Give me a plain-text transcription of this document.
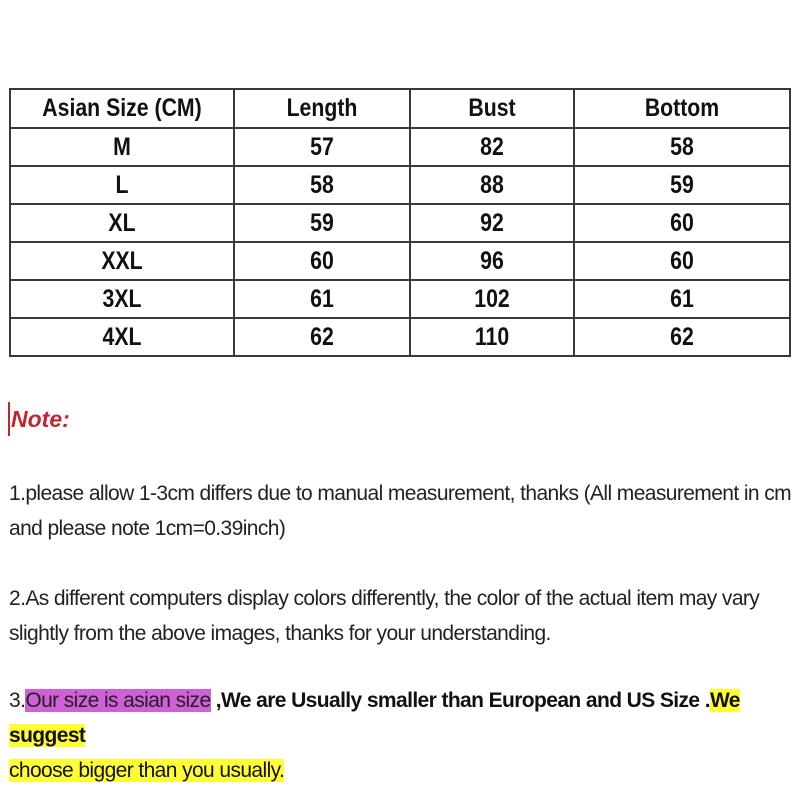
Asian Size (CM)	Length	Bust	Bottom
M	57	82	58
L	58	88	59
XL	59	92	60
XXL	60	96	60
3XL	61	102	61
4XL	62	110	62
Note:
1.please allow 1-3cm differs due to manual measurement, thanks (All measurement in cm and please note 1cm=0.39inch)
2.As different computers display colors differently, the color of the actual item may vary slightly from the above images, thanks for your understanding.
3.Our size is asian size ,We are Usually smaller than European and US Size .We suggest
choose bigger than you usually.
